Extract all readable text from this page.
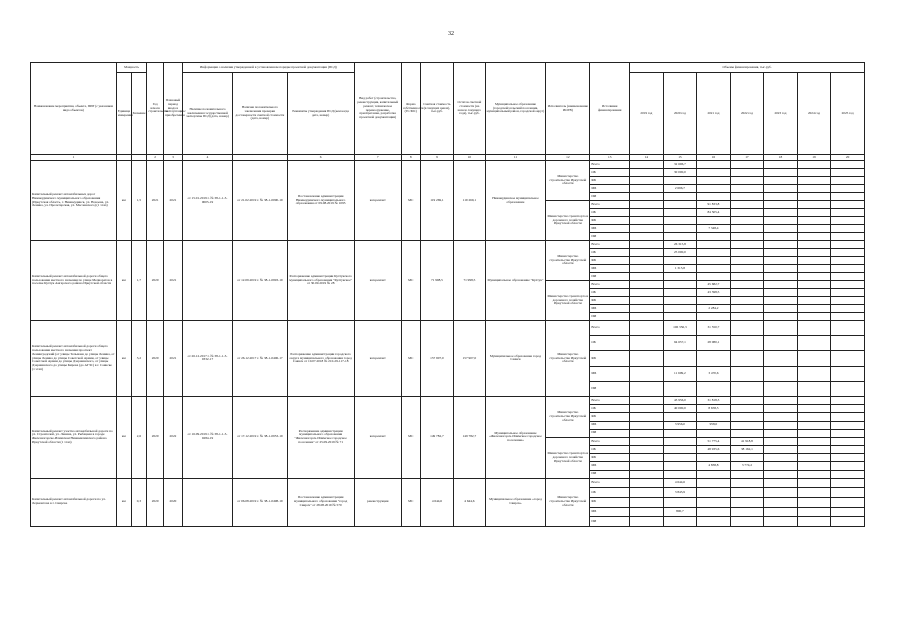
32
Наименование мероприятия, объекта, ПИР (с указанием вида объектов)	Мощность		Год начала строительства	Плановый период ввода в эксплуатацию/ приобретения	Информация о наличии утвержденной в установленном порядке проектной документации (ПСД)			Вид работ (строительство, реконструкция, капитальный ремонт, техническое перевооружение, приобретение, разработка проектной документации)	Форма собственности (ГС/МС)	Сметная стоимость (в текущих ценах), тыс.руб.	Остаток сметной стоимости (на начало текущего года), тыс.руб.	Муниципальное образование (городской/сельский поселения, муниципальный район, городской округ)	Исполнитель (наименование ИОГВ)	Источники финансирования	Объемы финансирования, тыс.руб.						
	Единица измерения	Значение			Наличие положительного заключения государственной экспертизы ПСД (дата, номер)	Наличие положительного заключения проверки достоверности сметной стоимости (дата, номер)	Реквизиты утверждения ПСД (кем когда дата, номер)								2019 год	2020 год	2021 год	2022 год	2023 год	2024 год	2025 год
1			2	3	4		6	7	8	9	10	11	12	13	14	15	16	17	18	19	20
Капитальный ремонт автомобильных дорог Нижнеудинского муниципального образования (Иркутская область, г. Нижнеудинск, ул. Новоена, ул. Ленина, ул. Пролетарская, ул. Масленского) (1 этап)	км	1,5	2021	2021	от 15.01.2019 г. № 38-1-1-3-0005-19	от 21.02.2019 г. № 38-1-0090-19	Постановление администрации Нижнеудинского муниципального образования от 09.08.2019 № 1095	кап.ремонт	МС	119 269,1	119 269,1	Нижнеудинское муниципальное образование	Министерство строительства Иркутской области	Всего		32 696,7					
														ОБ		30 000,0					
														ФБ							
														МБ		2 696,7					
														ИИ							
													Министерство транспорта и дорожного хозяйства Иркутской области	Всего			91 833,8				
														ОБ			84 505,4				
														ФБ							
														МБ			7 348,4				
														ИИ							
Капитальный ремонт автомобильной дороги общего пользования местного значения по улице Мелиоратов в поселке Култук Ангарского района Иркутской области	км	1,7	2020	2021		от 12.09.2019 г. № 38-1-0993-19	Распоряжение администрации Култукского муниципального образования "Култукское" от 30.09.2019 № 28	кап.ремонт	МС	71 998,5	71 998,5	Муниципальное образование "Култук"	Министерство строительства Иркутской области	Всего		26 315,8					
														ОБ		25 000,0					
														ФБ							
														МБ		1 315,8					
														ИИ							
													Министерство транспорта и дорожного хозяйства Иркутской области	Всего			45 682,7				
														ОБ			43 398,5				
														ФБ							
														МБ			2 284,2				
														ИИ							
Капитальный ремонт автомобильной дороги общего пользования местного значения проспект Ленинградский (от улицы Тельмана до улицы Ленина, от улицы Ленина до улицы Советской Армии, от улицы Советской Армии до улицы Дзержинского, от улицы Дзержинского до улицы Кирова (до АГЗС) в г. Саянске (1 этап)	км	3,2	2020	2021	от 26.12.2017 г. № 38-1-1-3-0332-17	от 26.12.2017 г. № 38-1-0406-17	Распоряжение администрации городского округа муниципального образования город Саянск от 10.07.2018 № 210-29-117-18	кап.ремонт	МС	157 907,0	157 907,0	Муниципальное образование город Саянск	Министерство строительства Иркутской области	Всего		106 356,3	31 550,7				
														ОБ		94 657,1	28 080,1				
														ФБ							
														МБ		11 699,2	3 470,6				
														ИИ							
Капитальный ремонт участка автомобильной дороги по ул. Строителей, ул. Ленина, ул. Рыбацкая в городе Железногорске-Илимском Нижнеилимского района Иркутской области (1 этап)	км	2,6	2020	2022	от 16.09.2019 г. № 38-1-1-3-0284-19	от 17.12.2019 г. № 38-1-0953-19	Распоряжение администрации муниципального образования "Железногорск-Илимское городское поселение" от 25.09.2019 № 71	кап.ремонт	МС	149 782,7	149 782,7	Муниципальное образование «Железногорск-Илимское городское поселение»	Министерство строительства Иркутской области	Всего		43 956,0	31 818,3				
														ОБ		40 000,0	8 658,3				
														ФБ							
														МБ		3 956,0	958,0				
														ИИ							
													Министерство транспорта и дорожного хозяйства Иркутской области	Всего			51 775,4	41 918,8			
														ОБ			48 935,6	38 162,1			
														ФБ							
														МБ			4 838,8	3 774,2			
														ИИ							
Капитальный ремонт автомобильной дороги по ул. Лермонтова в г. Свирске	км	0,3	2020	2020		от 06.08.2019 г. № 38-1-0498-19	Постановление администрации муниципального образования "город Свирск" от 28.08.2019 № 570	реконструкция	МС	4 644,6	4 644,6	Муниципальное образование «город Свирск»	Министерство строительства Иркутской области	Всего		4 644,6					
														ОБ		3 843,9					
														ФБ							
														МБ		800,7					
														ИИ							
